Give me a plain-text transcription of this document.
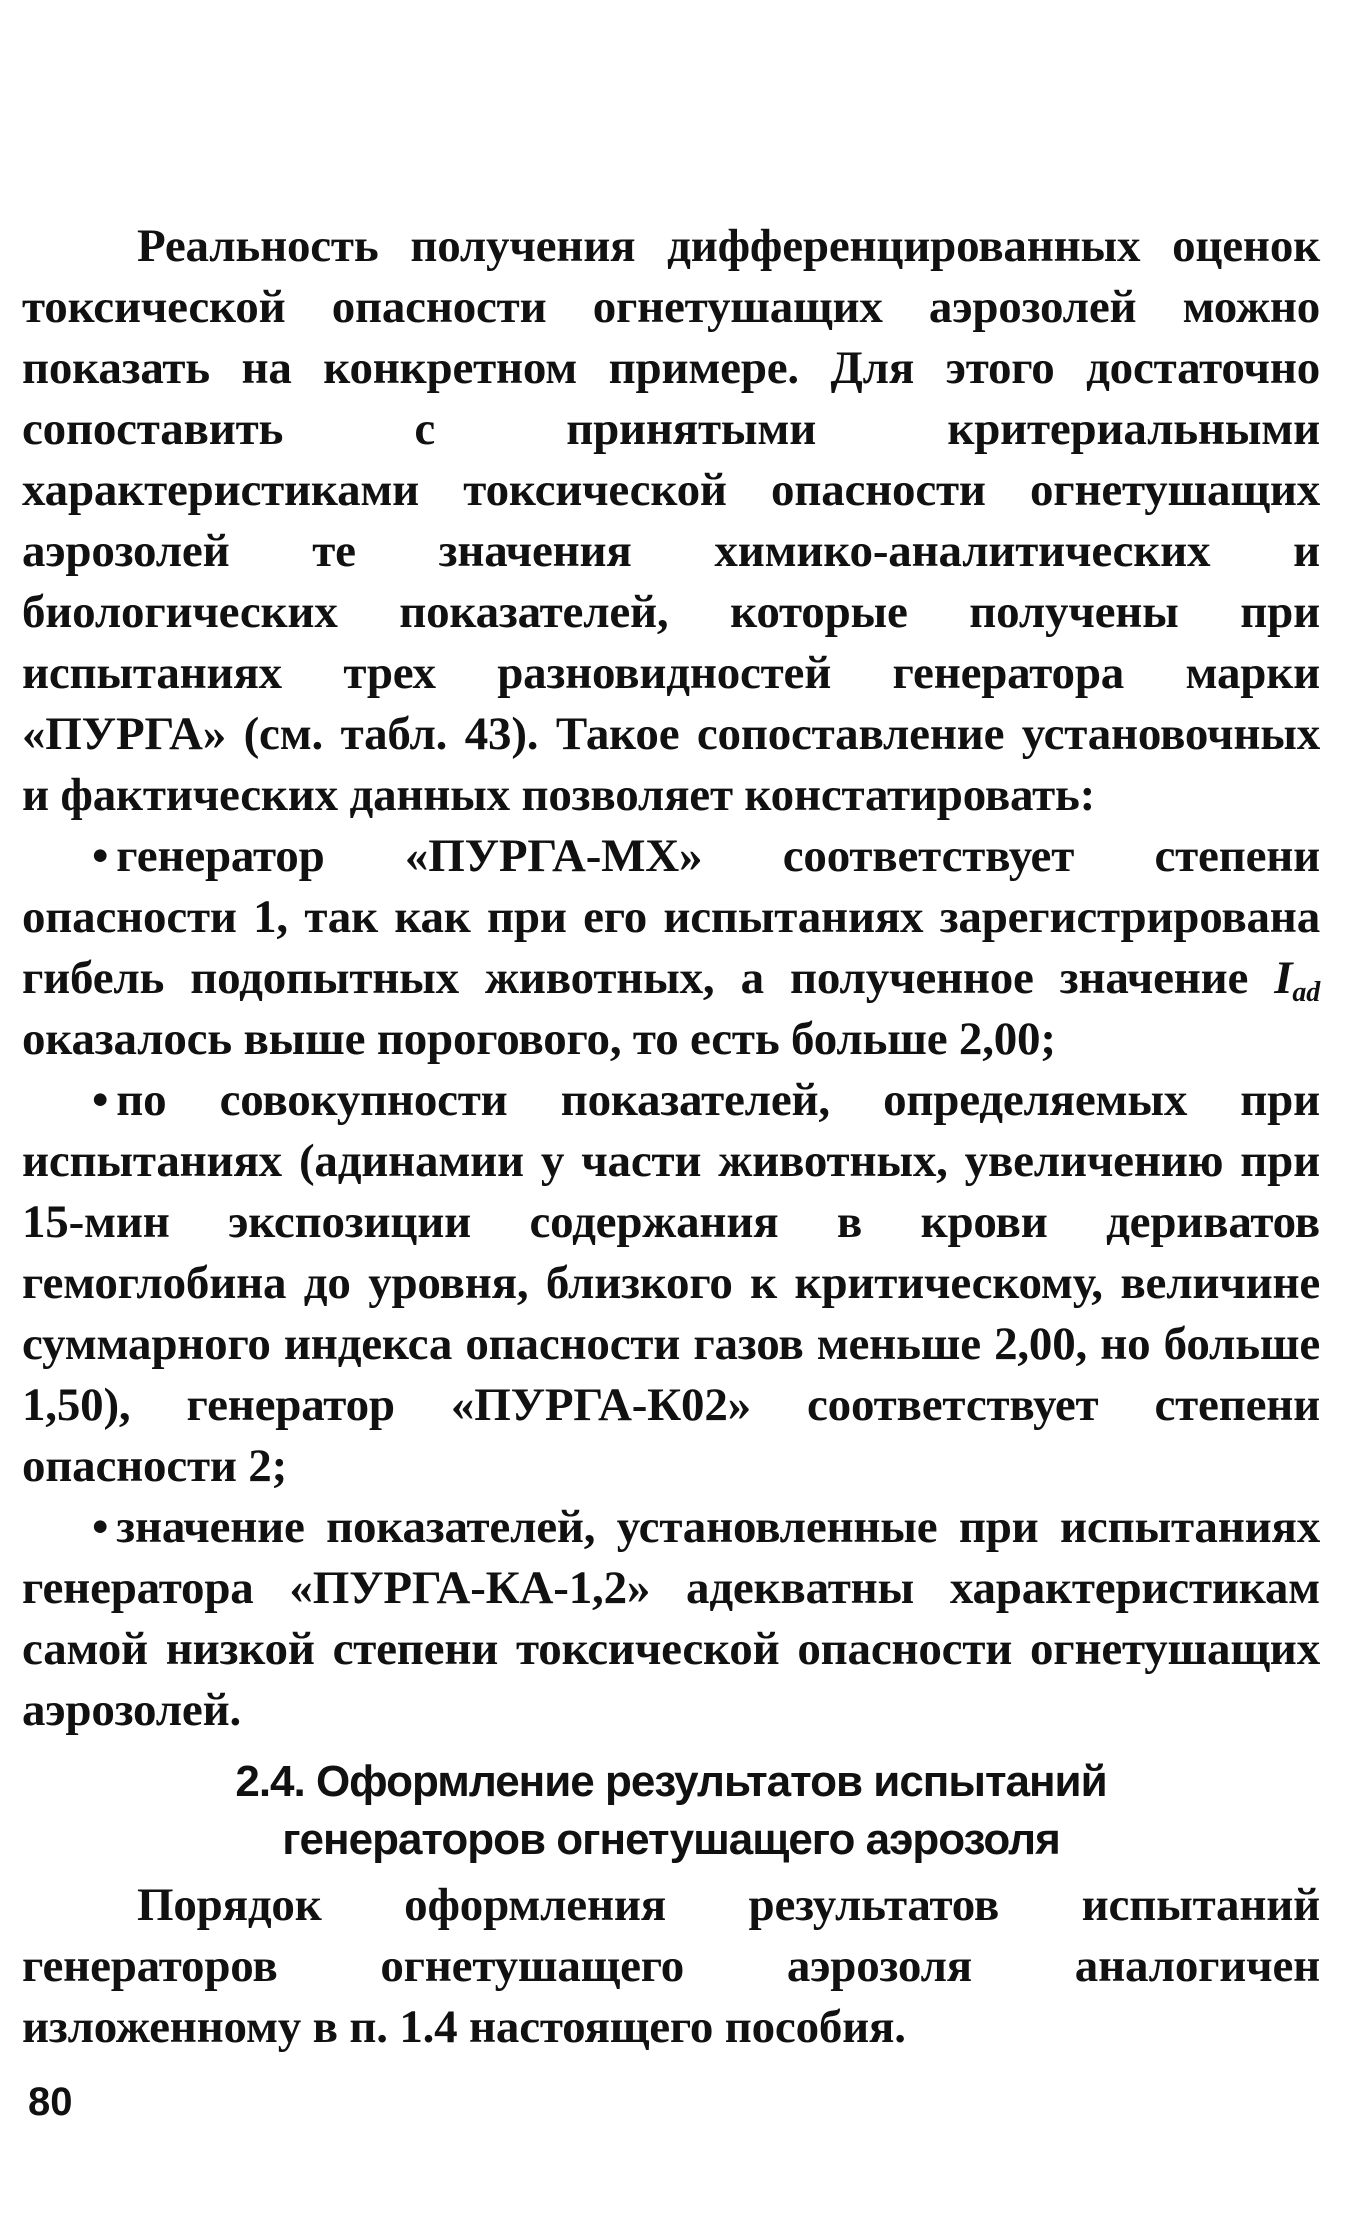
Реальность получения дифференцированных оценок токсической опасности огнетушащих аэрозолей можно показать на конкретном примере. Для этого достаточно сопоставить с принятыми критериальными характеристиками токсической опасности огнетушащих аэрозолей те значения химико-аналитических и биологических показателей, которые получены при испытаниях трех разновидностей генератора марки «ПУРГА» (см. табл. 43). Такое сопоставление установочных и фактических данных позволяет констатировать:

• генератор «ПУРГА-МХ» соответствует степени опасности 1, так как при его испытаниях зарегистрирована гибель подопытных животных, а полученное значение $I_{ad}$ оказалось выше порогового, то есть больше 2,00;

• по совокупности показателей, определяемых при испытаниях (адинамии у части животных, увеличению при 15-мин экспозиции содержания в крови дериватов гемоглобина до уровня, близкого к критическому, величине суммарного индекса опасности газов меньше 2,00, но больше 1,50), генератор «ПУРГА-К02» соответствует степени опасности 2;

• значение показателей, установленные при испытаниях генератора «ПУРГА-КА-1,2» адекватны характеристикам самой низкой степени токсической опасности огнетушащих аэрозолей.

2.4. Оформление результатов испытаний
генераторов огнетушащего аэрозоля

Порядок оформления результатов испытаний генераторов огнетушащего аэрозоля аналогичен изложенному в п. 1.4 настоящего пособия.

80
